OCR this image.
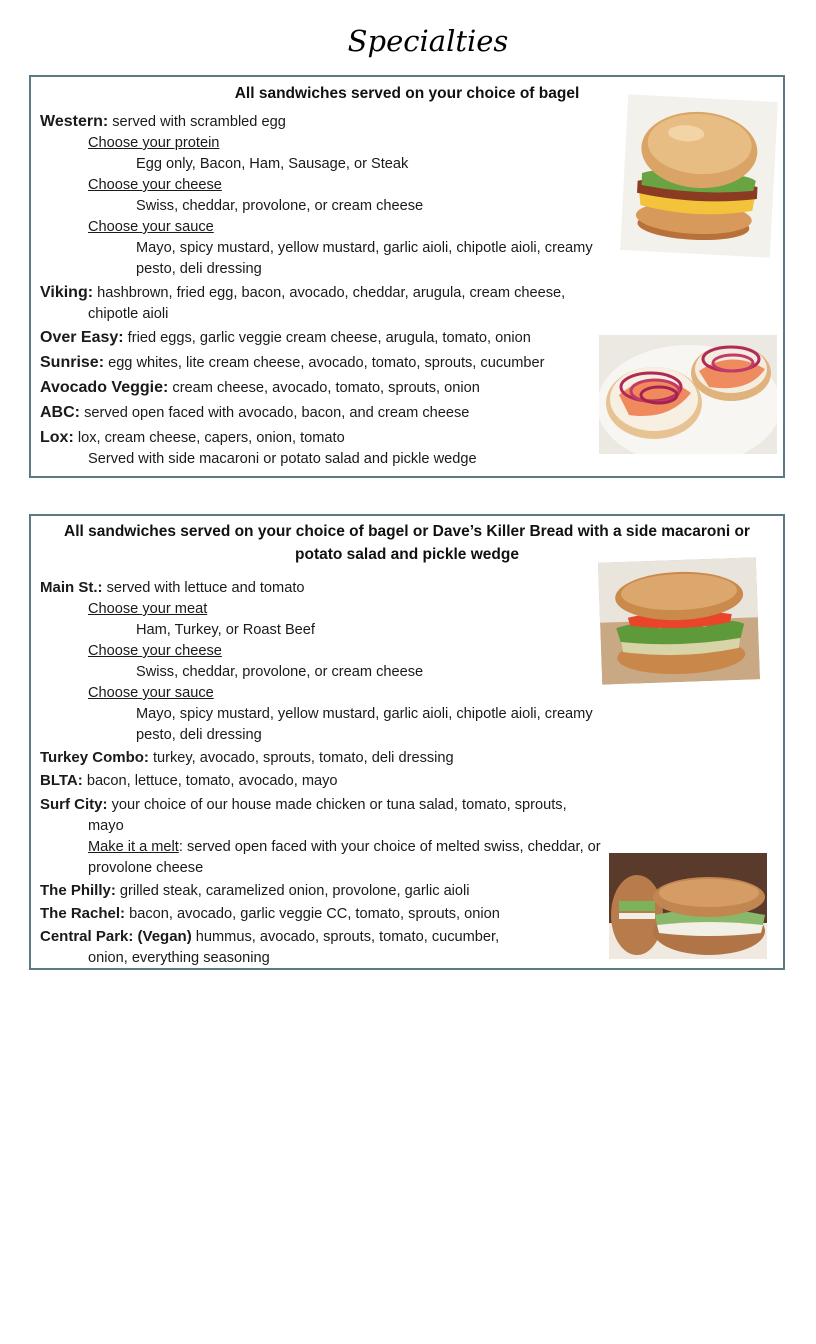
Specialties
All sandwiches served on your choice of bagel

Western: served with scrambled egg

Choose your protein

Egg only, Bacon, Ham, Sausage, or Steak

Choose your cheese

Swiss, cheddar, provolone, or cream cheese

Choose your sauce

Mayo, spicy mustard, yellow mustard, garlic aioli, chipotle aioli, creamy

pesto, deli dressing

Viking: hashbrown, fried egg, bacon, avocado, cheddar, arugula, cream cheese,

chipotle aioli

Over Easy: fried eggs, garlic veggie cream cheese, arugula, tomato, onion

Sunrise: egg whites, lite cream cheese, avocado, tomato, sprouts, cucumber

Avocado Veggie: cream cheese, avocado, tomato, sprouts, onion

ABC: served open faced with avocado, bacon, and cream cheese

Lox: lox, cream cheese, capers, onion, tomato

Served with side macaroni or potato salad and pickle wedge

All sandwiches served on your choice of bagel or Dave’s Killer Bread with a side macaroni or potato salad and pickle wedge

Main St.: served with lettuce and tomato

Choose your meat

Ham, Turkey, or Roast Beef

Choose your cheese

Swiss, cheddar, provolone, or cream cheese

Choose your sauce

Mayo, spicy mustard, yellow mustard, garlic aioli, chipotle aioli, creamy

pesto, deli dressing

Turkey Combo: turkey, avocado, sprouts, tomato, deli dressing

BLTA: bacon, lettuce, tomato, avocado, mayo

Surf City: your choice of our house made chicken or tuna salad, tomato, sprouts,

mayo

Make it a melt: served open faced with your choice of melted swiss, cheddar, or

provolone cheese

The Philly: grilled steak, caramelized onion, provolone, garlic aioli

The Rachel: bacon, avocado, garlic veggie CC, tomato, sprouts, onion

Central Park: (Vegan) hummus, avocado, sprouts, tomato, cucumber,

onion, everything seasoning
